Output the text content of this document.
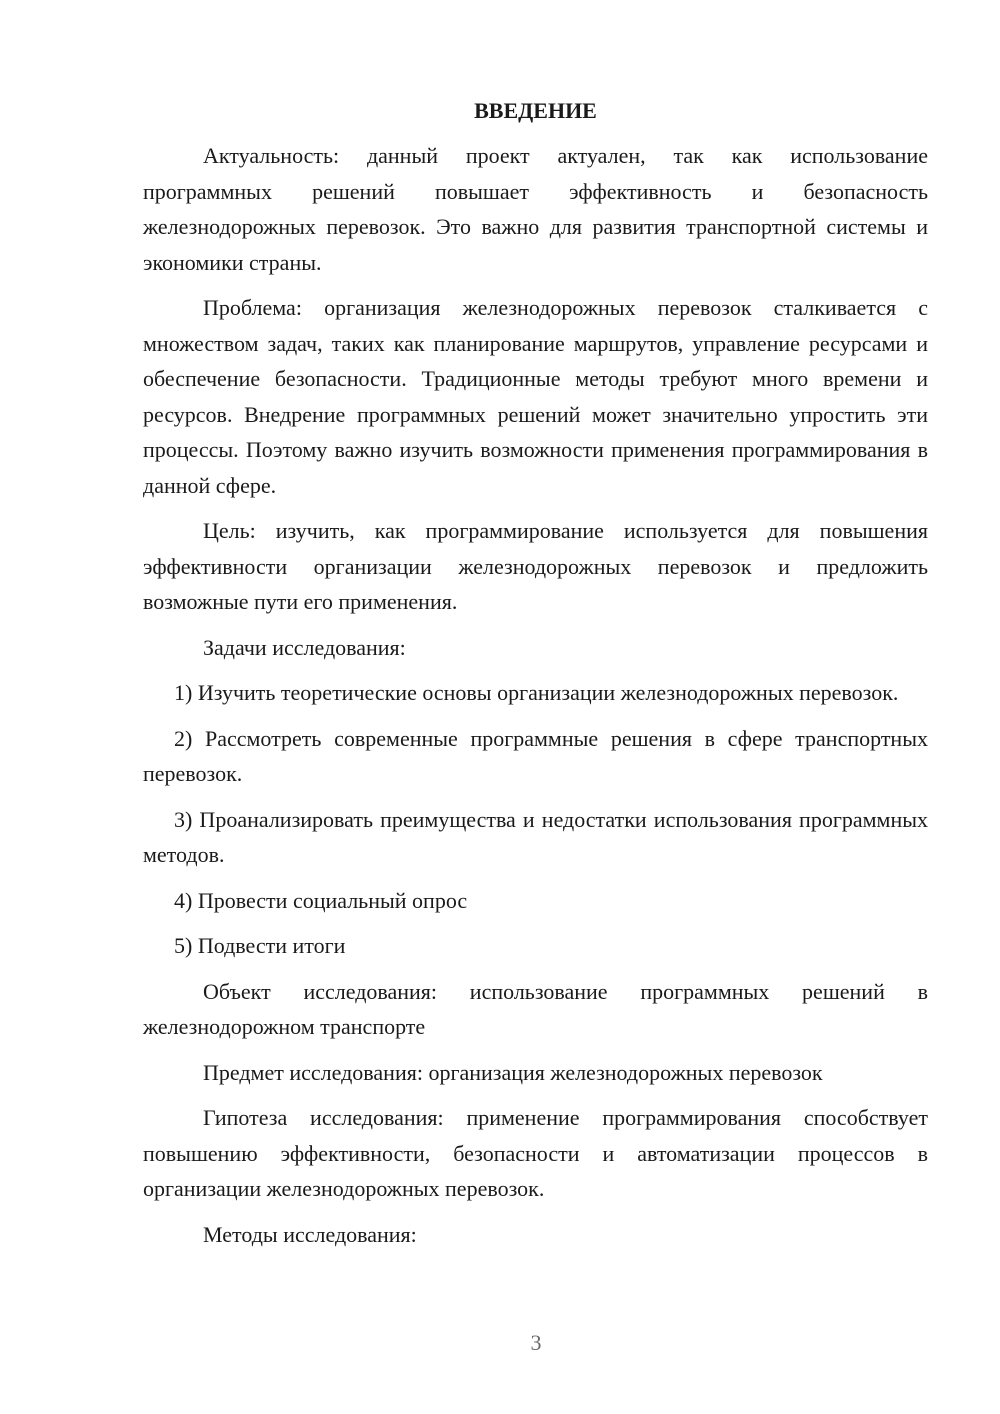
ВВЕДЕНИЕ

Актуальность: данный проект актуален, так как использование программных решений повышает эффективность и безопасность железнодорожных перевозок. Это важно для развития транспортной системы и экономики страны.

Проблема: организация железнодорожных перевозок сталкивается с множеством задач, таких как планирование маршрутов, управление ресурсами и обеспечение безопасности. Традиционные методы требуют много времени и ресурсов. Внедрение программных решений может значительно упростить эти процессы. Поэтому важно изучить возможности применения программирования в данной сфере.

Цель: изучить, как программирование используется для повышения эффективности организации железнодорожных перевозок и предложить возможные пути его применения.

Задачи исследования:

1) Изучить теоретические основы организации железнодорожных перевозок.

2) Рассмотреть современные программные решения в сфере транспортных перевозок.

3) Проанализировать преимущества и недостатки использования программных методов.

4) Провести социальный опрос

5) Подвести итоги

Объект исследования: использование программных решений в железнодорожном транспорте

Предмет исследования: организация железнодорожных перевозок

Гипотеза исследования: применение программирования способствует повышению эффективности, безопасности и автоматизации процессов в организации железнодорожных перевозок.

Методы исследования:

3
